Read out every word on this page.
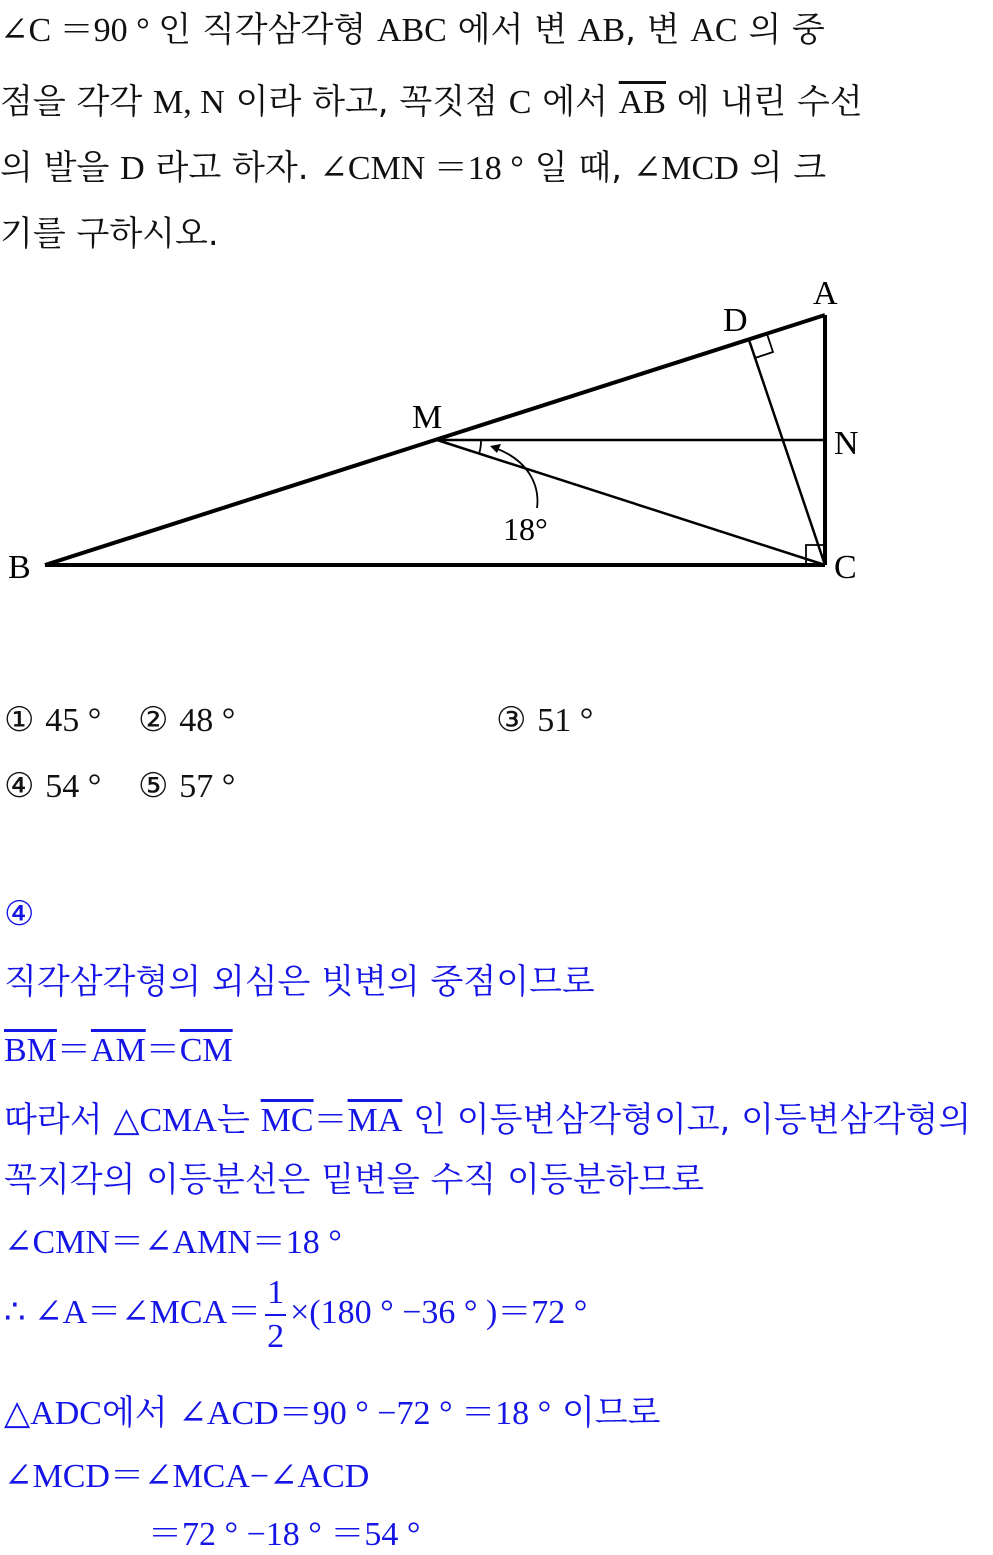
∠C ＝90 ° 인 직각삼각형 ABC 에서 변 AB, 변 AC 의 중
점을 각각 M, N 이라 하고, 꼭짓점 C 에서 $\overline{AB}$ 에 내린 수선
의 발을 D 라고 하자. ∠CMN ＝18 ° 일 때, ∠MCD 의 크
기를 구하시오.
A
D
M
N
B	C
18°
① 45 ° ② 48 °	③ 51 °
④ 54 ° ⑤ 57 °
④
직각삼각형의 외심은 빗변의 중점이므로
$\overline{BM}=\overline{AM}=\overline{CM}$
따라서 △CMA는 $\overline{MC}=\overline{MA}$ 인 이등변삼각형이고, 이등변삼각형의
꼭지각의 이등분선은 밑변을 수직 이등분하므로
∠CMN＝∠AMN＝18 °
∴ ∠A＝∠MCA＝ $\frac{1}{2} \times(180$ ° −36 ° )＝72 °
△ADC에서 ∠ACD＝90 ° −72 ° ＝18 ° 이므로
∠MCD＝∠MCA−∠ACD
＝72 ° −18 ° ＝54 °
